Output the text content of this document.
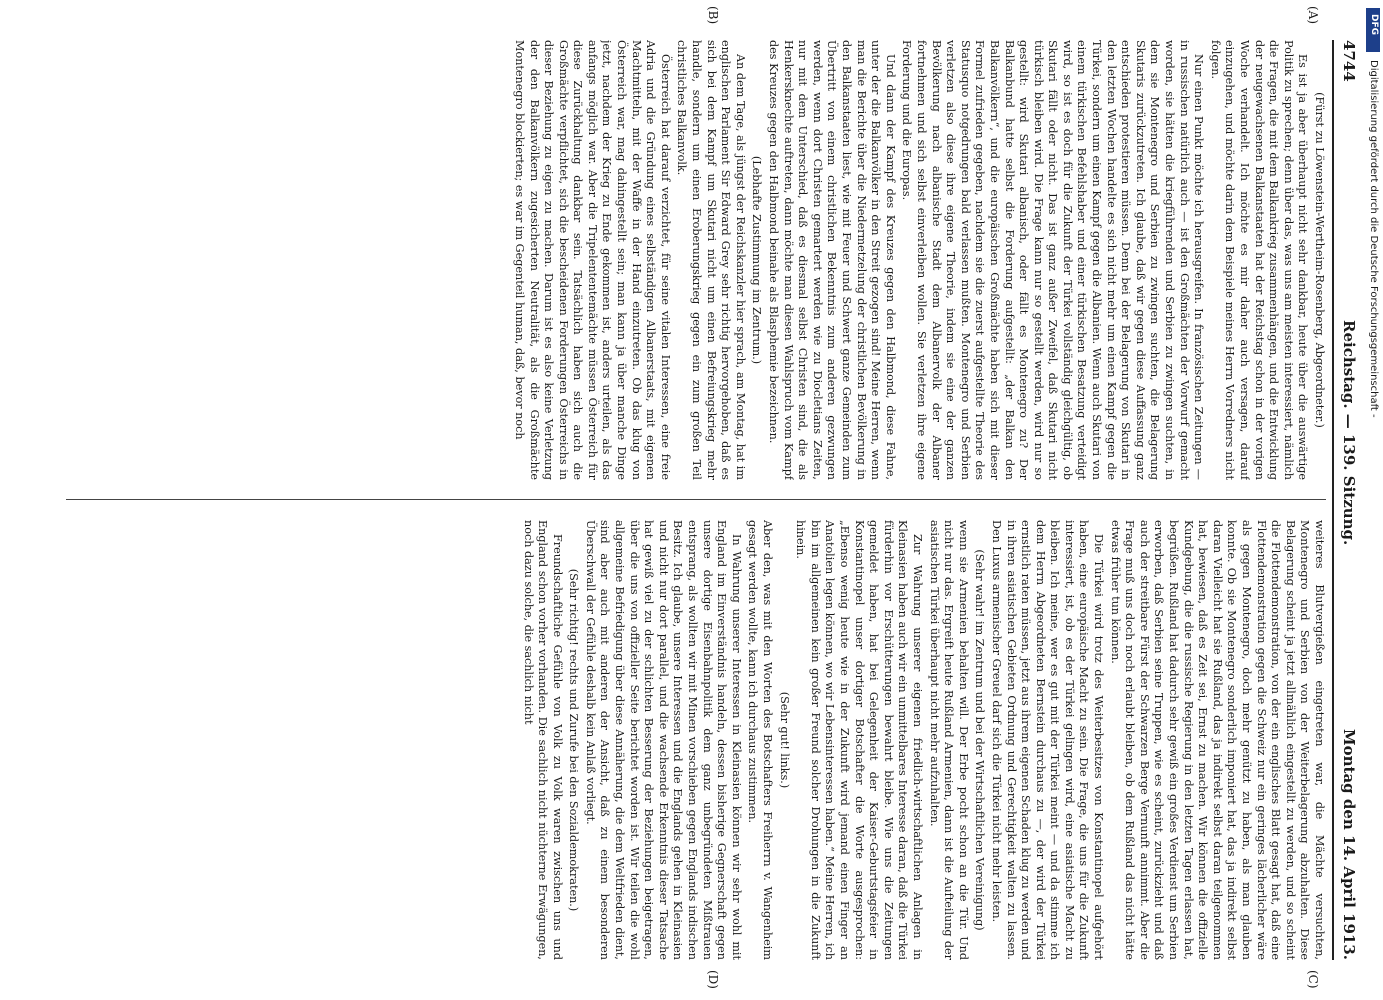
4744
Reichstag. — 139. Sitzung.
Montag den 14. April 1913.

(Fürst zu Löwenstein-Wertheim-Rosenberg, Abgeordneter.)

Es ist ja aber überhaupt nicht sehr dankbar, heute über die auswärtige Politik zu sprechen; denn über das, was uns am meisten interessiert, nämlich die Fragen, die mit dem Balkankrieg zusammenhängen, und die Entwicklung der neugewachsenen Balkanstaaten hat der Reichstag schon in der vorigen Woche verhandelt. Ich möchte es mir daher auch versagen, darauf einzugehen, und möchte darin dem Beispiele meines Herrn Vorredners nicht folgen.

Nur einen Punkt möchte ich herausgreifen. In französischen Zeitungen — in russischen natürlich auch — ist den Großmächten der Vorwurf gemacht worden, sie hätten die kriegführenden und Serbien zu zwingen suchten, in dem sie Montenegro und Serbien zu zwingen suchten, die Belagerung Skutaris zurückzutreten. Ich glaube, daß wir gegen diese Auffassung ganz entschieden protestieren müssen. Denn bei der Belagerung von Skutari in den letzten Wochen handelte es sich nicht mehr um einen Kampf gegen die Türkei, sondern um einen Kampf gegen die Albanien. Wenn auch Skutari von einem türkischen Befehlshaber und einer türkischen Besatzung verteidigt wird, so ist es doch für die Zukunft der Türkei vollständig gleichgültig, ob Skutari fällt oder nicht. Das ist ganz außer Zweifel, daß Skutari nicht türkisch bleiben wird. Die Frage kann nur so gestellt werden, wird nur so gestellt: wird Skutari albanisch, oder fällt es Montenegro zu? Der Balkanbund hatte selbst die Forderung aufgestellt: „der Balkan den Balkanvölkern“, und die europäischen Großmächte haben sich mit dieser Formel zufrieden gegeben, nachdem sie die zuerst aufgestellte Theorie des Statusquo notgedrungen bald verlassen mußten. Montenegro und Serbien verletzen also diese ihre eigene Theorie, indem sie eine der ganzen Bevölkerung nach albanische Stadt dem Albanervolk der Albaner fortnehmen und sich selbst einverleiben wollen. Sie verletzen ihre eigene Forderung und die Europas.

Und dann der Kampf des Kreuzes gegen den Halbmond, diese Fahne, unter der die Balkanvölker in den Streit gezogen sind! Meine Herren, wenn man die Berichte über die Niedermetzelung der christlichen Bevölkerung in den Balkanstaaten liest, wie mit Feuer und Schwert ganze Gemeinden zum Übertritt von einem christlichen Bekenntnis zum anderen gezwungen werden, wenn dort Christen gemartert werden wie zu Diocletians Zeiten, nur mit dem Unterschied, daß es diesmal selbst Christen sind, die als Henkersknechte auftreten, dann möchte man diesen Wahlspruch vom Kampf des Kreuzes gegen den Halbmond beinahe als Blasphemie bezeichnen.

(Lebhafte Zustimmung im Zentrum.)

An dem Tage, als jüngst der Reichskanzler hier sprach, am Montag, hat im englischen Parlament Sir Edward Grey sehr richtig hervorgehoben, daß es sich bei dem Kampf um Skutari nicht um einen Befreiungskrieg mehr handle, sondern um einen Eroberungskrieg gegen ein zum großen Teil christliches Balkanvolk.

Österreich hat darauf verzichtet, für seine vitalen Interessen, eine freie Adria und die Gründung eines selbständigen Albanerstaats, mit eigenen Machtmitteln, mit der Waffe in der Hand einzutreten. Ob das klug von Österreich war, mag dahingestellt sein; man kann ja über manche Dinge jetzt, nachdem der Krieg zu Ende gekommen ist, anders urteilen, als das anfangs möglich war. Aber die Tripelententemächte müssen Österreich für diese Zurückhaltung dankbar sein. Tatsächlich haben sich auch die Großmächte verpflichtet, sich die bescheidenen Forderungen Österreichs in dieser Beziehung zu eigen zu machen. Darum ist es also keine Verletzung der den Balkanvölkern zugesicherten Neutralität, als die Großmächte Montenegro blockierten; es war im Gegenteil human, daß, bevor noch

weiteres Blutvergießen eingetreten war, die Mächte versuchten, Montenegro und Serbien von der Weiterbelagerung abzuhalten. Diese Belagerung scheint ja jetzt allmählich eingestellt zu werden, und so scheint die Flottendemonstration, von der ein englisches Blatt gesagt hat, daß eine Flottendemonstration gegen die Schweiz nur ein geringes lächerlicher wäre als gegen Montenegro, doch mehr genützt zu haben, als man glauben konnte. Ob sie Montenegro sonderlich imponiert hat, das ja indirekt selbst daran Vielleicht hat sie Rußland, das ja indirekt selbst daran teilgenommen hat, bewiesen, daß es Zeit sei, Ernst zu machen. Wir können die offizielle Kundgebung, die die russische Regierung in den letzten Tagen erlassen hat, begrüßen. Rußland hat dadurch sehr gewiß ein großes Verdienst um Serbien erworben, daß Serbien seine Truppen, wie es scheint, zurückzieht und daß auch der streitbare Fürst der Schwarzen Berge Vernunft annimmt. Aber die Frage muß uns doch noch erlaubt bleiben, ob dem Rußland das nicht hätte etwas früher tun können.

Die Türkei wird trotz des Weiterbesitzes von Konstantinopel aufgehört haben, eine europäische Macht zu sein. Die Frage, die uns für die Zukunft interessiert, ist, ob es der Türkei gelingen wird, eine asiatische Macht zu bleiben. Ich meine, wer es gut mit der Türkei meint — und da stimme ich dem Herrn Abgeordneten Bernstein durchaus zu —, der wird der Türkei ernstlich raten müssen, jetzt aus ihrem eigenen Schaden klug zu werden und in ihren asiatischen Gebieten Ordnung und Gerechtigkeit walten zu lassen. Den Luxus armenischer Greuel darf sich die Türkei nicht mehr leisten.

(Sehr wahr! im Zentrum und bei der Wirtschaftlichen Vereinigung)

wenn sie Armenien behalten will. Der Erbe pocht schon an die Tür. Und nicht nur das. Ergreift heute Rußland Armenien, dann ist die Aufteilung der asiatischen Türkei überhaupt nicht mehr aufzuhalten.

Zur Wahrung unserer eigenen friedlich-wirtschaftlichen Anlagen in Kleinasien haben auch wir ein unmittelbares Interesse daran, daß die Türkei fürderhin vor Erschütterungen bewahrt bleibe. Wie uns die Zeitungen gemeldet haben, hat bei Gelegenheit der Kaiser-Geburtstagsfeier in Konstantinopel unser dortiger Botschafter die Worte ausgesprochen: „Ebenso wenig heute wie in der Zukunft wird jemand einen Finger an Anatolien legen können, wo wir Lebensinteressen haben.“ Meine Herren, ich bin im allgemeinen kein großer Freund solcher Drohungen in die Zukunft hinein.

(Sehr gut! links.)

Aber den, was mit den Worten des Botschafters Freiherrn v. Wangenheim gesagt werden wollte, kann ich durchaus zustimmen.

In Wahrung unserer Interessen in Kleinasien können wir sehr wohl mit England im Einverständnis handeln, dessen bisherige Gegnerschaft gegen unsere dortige Eisenbahnpolitik dem ganz unbegründeten Mißtrauen entsprang, als wollten wir mit Minen vorschieben gegen Englands indischen Besitz. Ich glaube, unsere Interessen und die Englands gehen in Kleinasien und nicht nur dort parallel, und die wachsende Erkenntnis dieser Tatsache hat gewiß viel zu der schlichten Besserung der Beziehungen beigetragen, über die uns von offizieller Seite berichtet worden ist. Wir teilen die wohl allgemeine Befriedigung über diese Annäherung, die dem Weltfrieden dient, sind aber auch mit anderen der Ansicht, daß zu einem besonderen Überschwall der Gefühle deshalb kein Anlaß vorliegt.

(Sehr richtig! rechts und Zurufe bei den Sozialdemokraten.)

Freundschaftliche Gefühle von Volk zu Volk waren zwischen uns und England schon vorher vorhanden. Die sachlich nicht nüchterne Erwägungen, noch dazu solche, die sachlich nicht

(A)
(B)
(C)
(D)
DFG
Digitalisierung gefördert durch die Deutsche Forschungsgemeinschaft -
